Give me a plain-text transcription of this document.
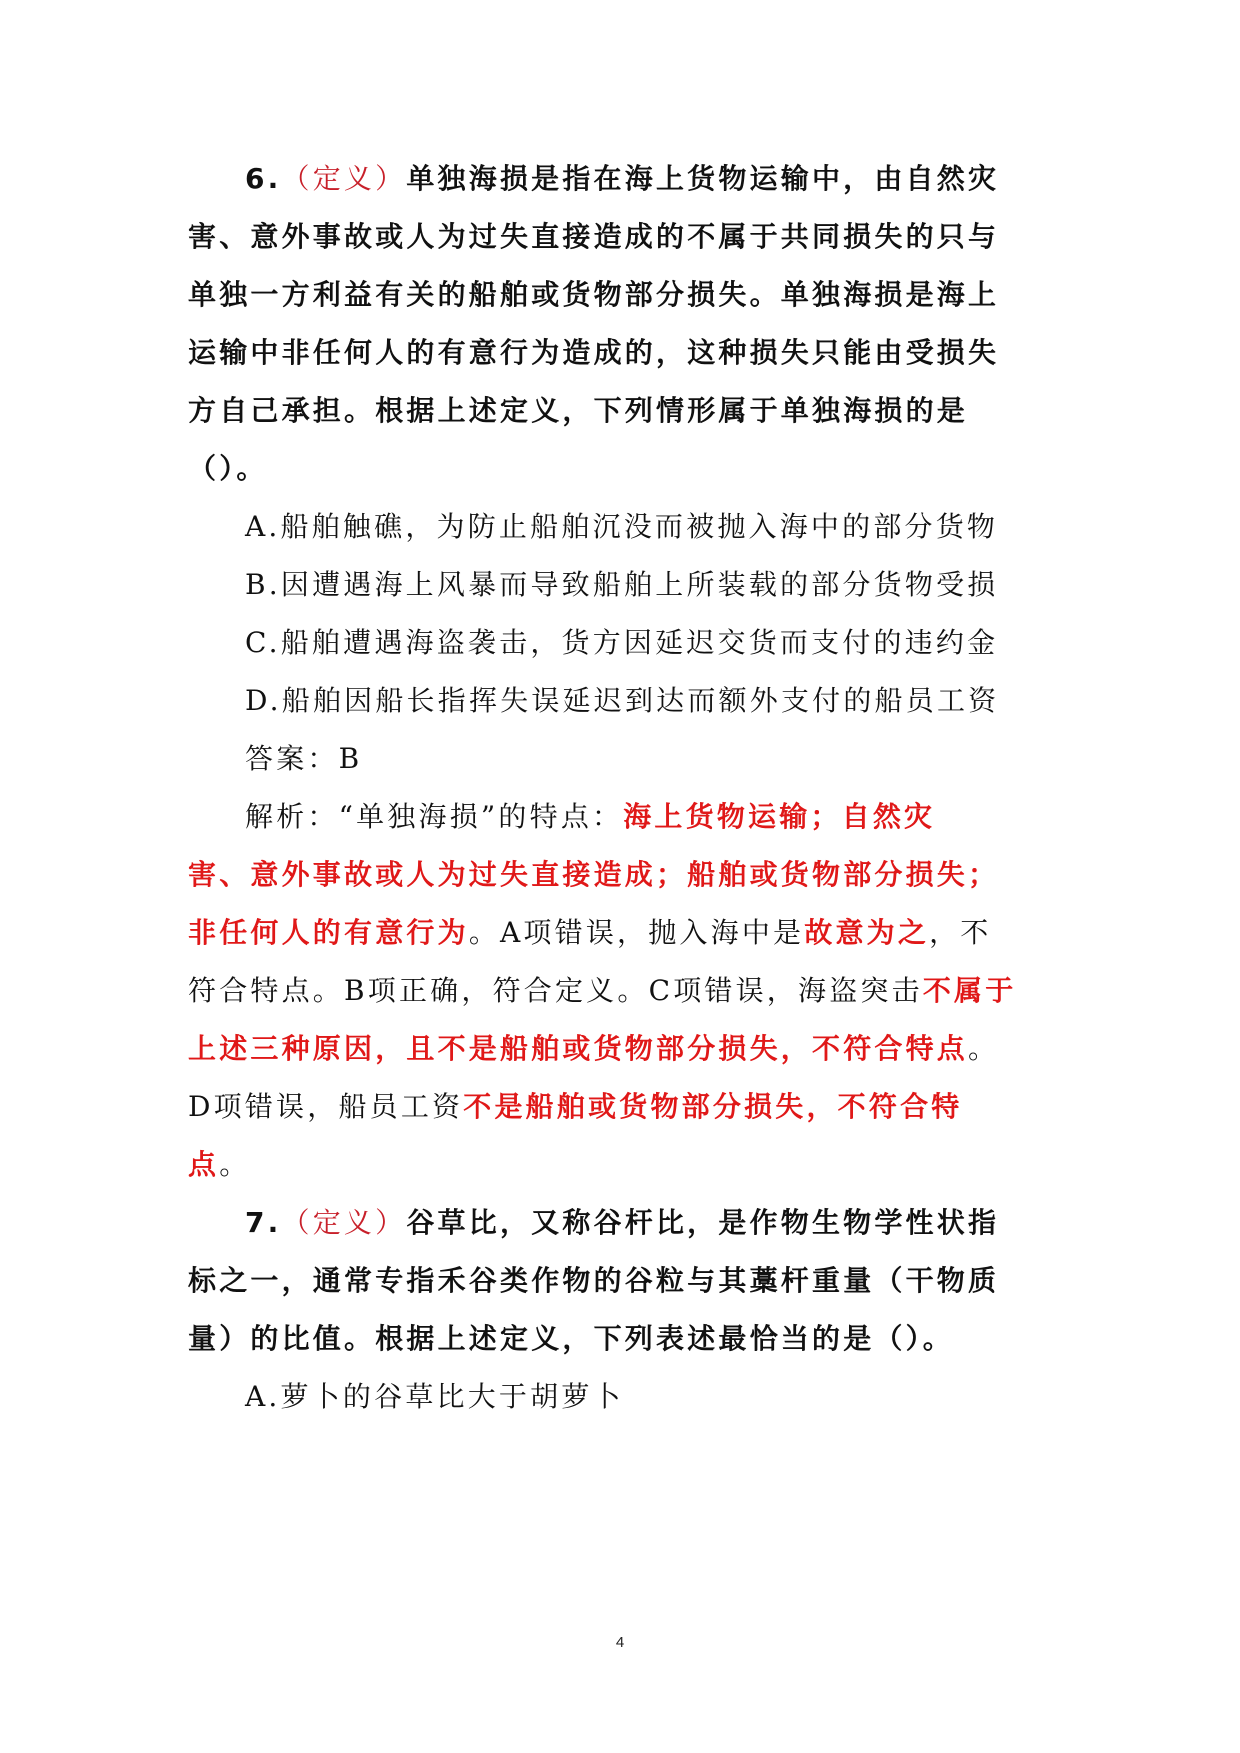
6.（定义）单独海损是指在海上货物运输中，由自然灾
害、意外事故或人为过失直接造成的不属于共同损失的只与
单独一方利益有关的船舶或货物部分损失。单独海损是海上
运输中非任何人的有意行为造成的，这种损失只能由受损失
方自己承担。根据上述定义，下列情形属于单独海损的是
（）。
A.船舶触礁，为防止船舶沉没而被抛入海中的部分货物
B.因遭遇海上风暴而导致船舶上所装载的部分货物受损
C.船舶遭遇海盗袭击，货方因延迟交货而支付的违约金
D.船舶因船长指挥失误延迟到达而额外支付的船员工资
答案：B
解析：“单独海损”的特点：海上货物运输；自然灾
害、意外事故或人为过失直接造成；船舶或货物部分损失；
非任何人的有意行为。A项错误，抛入海中是故意为之，不
符合特点。B项正确，符合定义。C项错误，海盗突击不属于
上述三种原因，且不是船舶或货物部分损失，不符合特点。
D项错误，船员工资不是船舶或货物部分损失，不符合特
点。
7.（定义）谷草比，又称谷杆比，是作物生物学性状指
标之一，通常专指禾谷类作物的谷粒与其藁杆重量（干物质
量）的比值。根据上述定义，下列表述最恰当的是（）。
A.萝卜的谷草比大于胡萝卜
4
